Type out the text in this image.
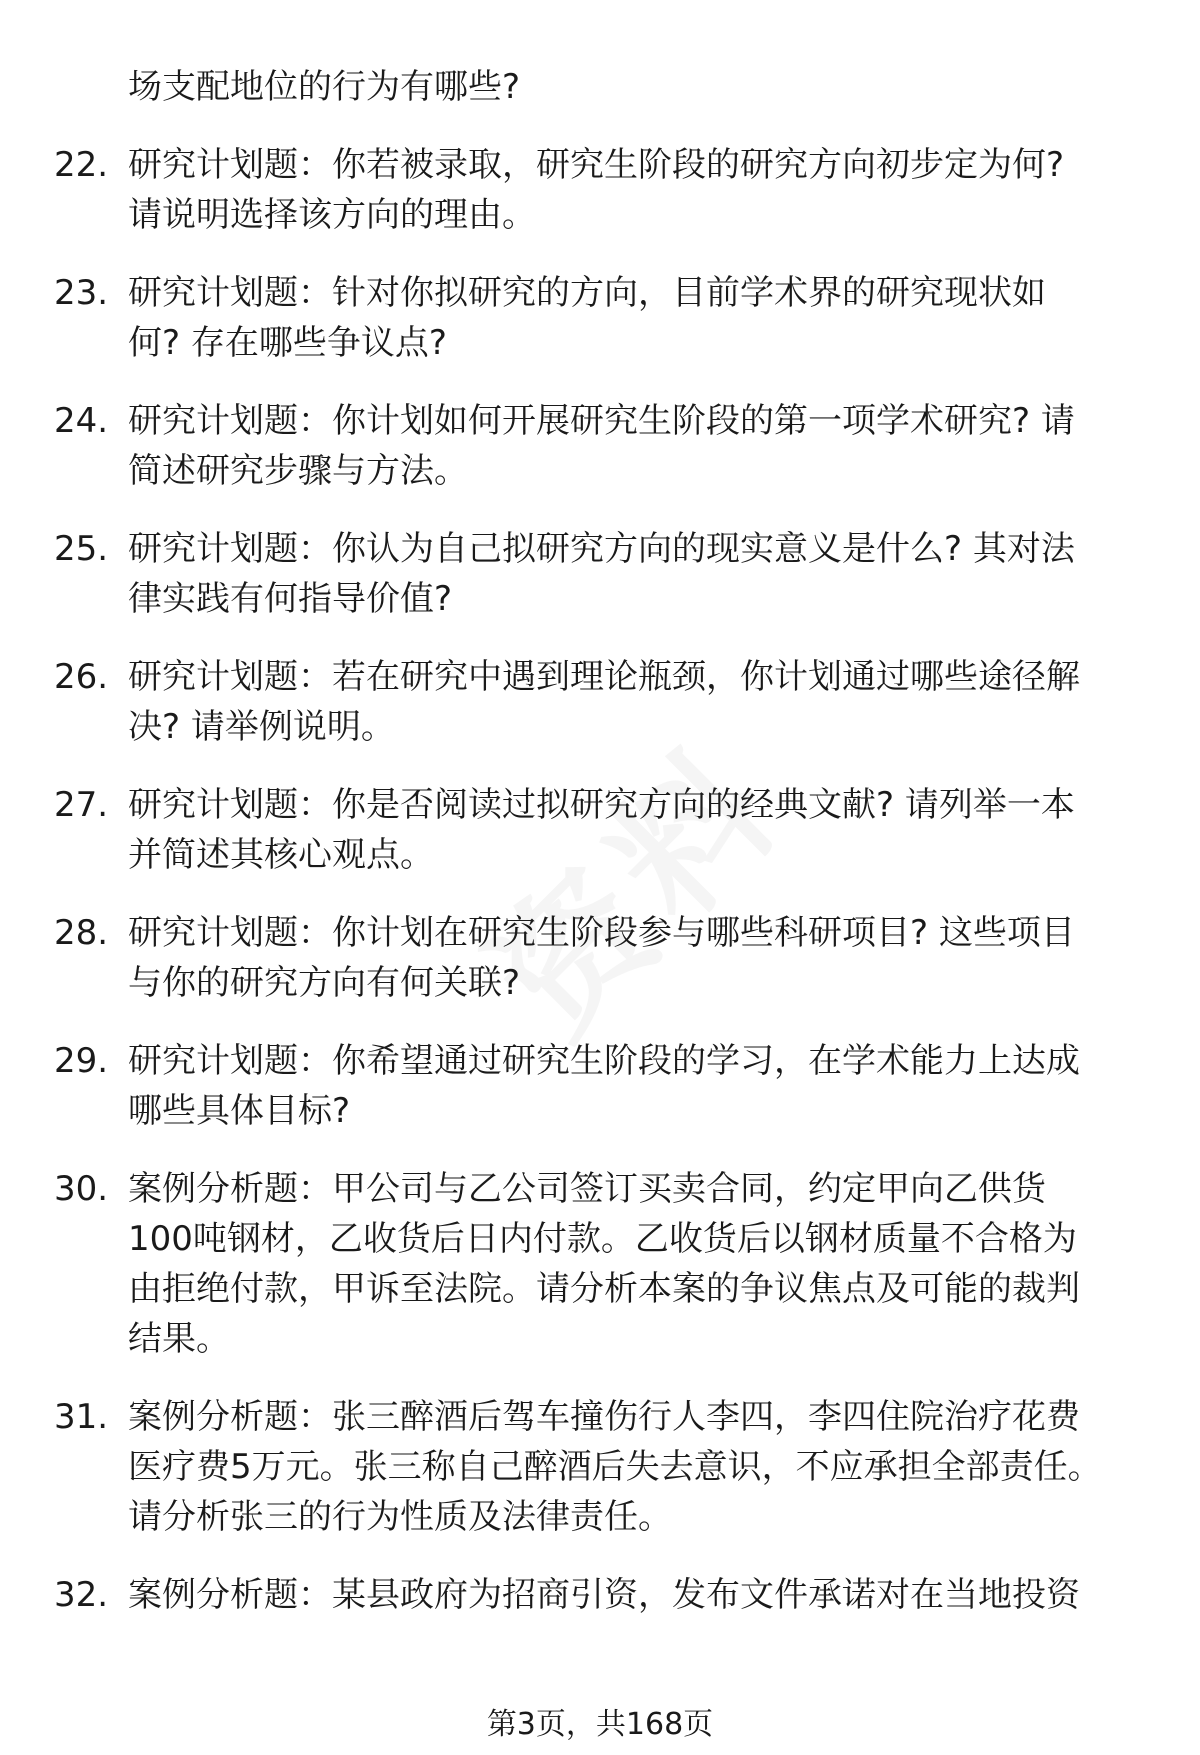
场支配地位的行为有哪些?
22. 研究计划题：你若被录取，研究生阶段的研究方向初步定为何?
请说明选择该方向的理由。
23. 研究计划题：针对你拟研究的方向，目前学术界的研究现状如
何? 存在哪些争议点?
24. 研究计划题：你计划如何开展研究生阶段的第一项学术研究? 请
简述研究步骤与方法。
25. 研究计划题：你认为自己拟研究方向的现实意义是什么? 其对法
律实践有何指导价值?
26. 研究计划题：若在研究中遇到理论瓶颈，你计划通过哪些途径解
决? 请举例说明。
27. 研究计划题：你是否阅读过拟研究方向的经典文献? 请列举一本
并简述其核心观点。
28. 研究计划题：你计划在研究生阶段参与哪些科研项目? 这些项目
与你的研究方向有何关联?
29. 研究计划题：你希望通过研究生阶段的学习，在学术能力上达成
哪些具体目标?
30. 案例分析题：甲公司与乙公司签订买卖合同，约定甲向乙供货
100吨钢材，乙收货后日内付款。乙收货后以钢材质量不合格为
由拒绝付款，甲诉至法院。请分析本案的争议焦点及可能的裁判
结果。
31. 案例分析题：张三醉酒后驾车撞伤行人李四，李四住院治疗花费
医疗费5万元。张三称自己醉酒后失去意识，不应承担全部责任。
请分析张三的行为性质及法律责任。
32. 案例分析题：某县政府为招商引资，发布文件承诺对在当地投资
第3页，共168页
